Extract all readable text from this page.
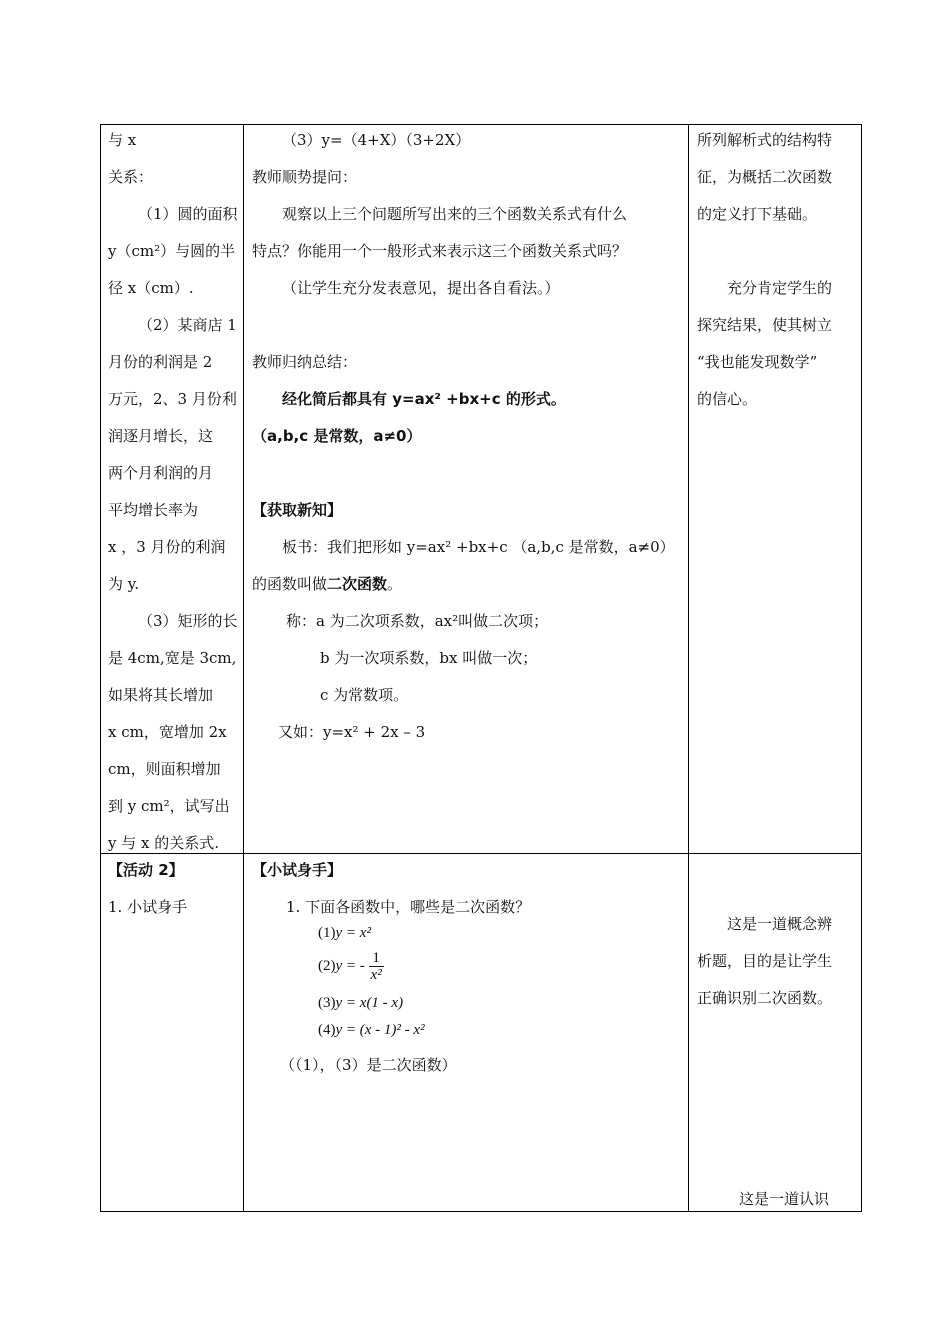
与 x

关系：

（1）圆的面积

y（cm²）与圆的半

径 x（cm）.

（2）某商店 1

月份的利润是 2

万元，2、3 月份利

润逐月增长，这

两个月利润的月

平均增长率为

x ，3 月份的利润

为 y.

（3）矩形的长

是 4cm,宽是 3cm,

如果将其长增加

x cm，宽增加 2x

cm，则面积增加

到 y cm²，试写出

y 与 x 的关系式.

（3）y=（4+X）（3+2X）

教师顺势提问：

观察以上三个问题所写出来的三个函数关系式有什么

特点？你能用一个一般形式来表示这三个函数关系式吗？

（让学生充分发表意见，提出各自看法。）

教师归纳总结：

经化简后都具有 y=ax² +bx+c 的形式。

（a,b,c 是常数，a≠0）

【获取新知】

板书：我们把形如 y=ax² +bx+c （a,b,c 是常数，a≠0）

的函数叫做二次函数。

称：a 为二次项系数，ax²叫做二次项；

b 为一次项系数，bx 叫做一次；

c 为常数项。

又如：y=x² + 2x – 3

所列解析式的结构特

征，为概括二次函数

的定义打下基础。

充分肯定学生的

探究结果，使其树立

“我也能发现数学”

的信心。

【活动 2】

1. 小试身手

【小试身手】

1. 下面各函数中，哪些是二次函数？

(1)y = x²
(2)y = - $\frac{1}{\text{x²}}$
(3)y = x(1 - x)
(4)y = (x - 1)² - x²

（（1），（3）是二次函数）

这是一道概念辨

析题，目的是让学生

正确识别二次函数。

这是一道认识
